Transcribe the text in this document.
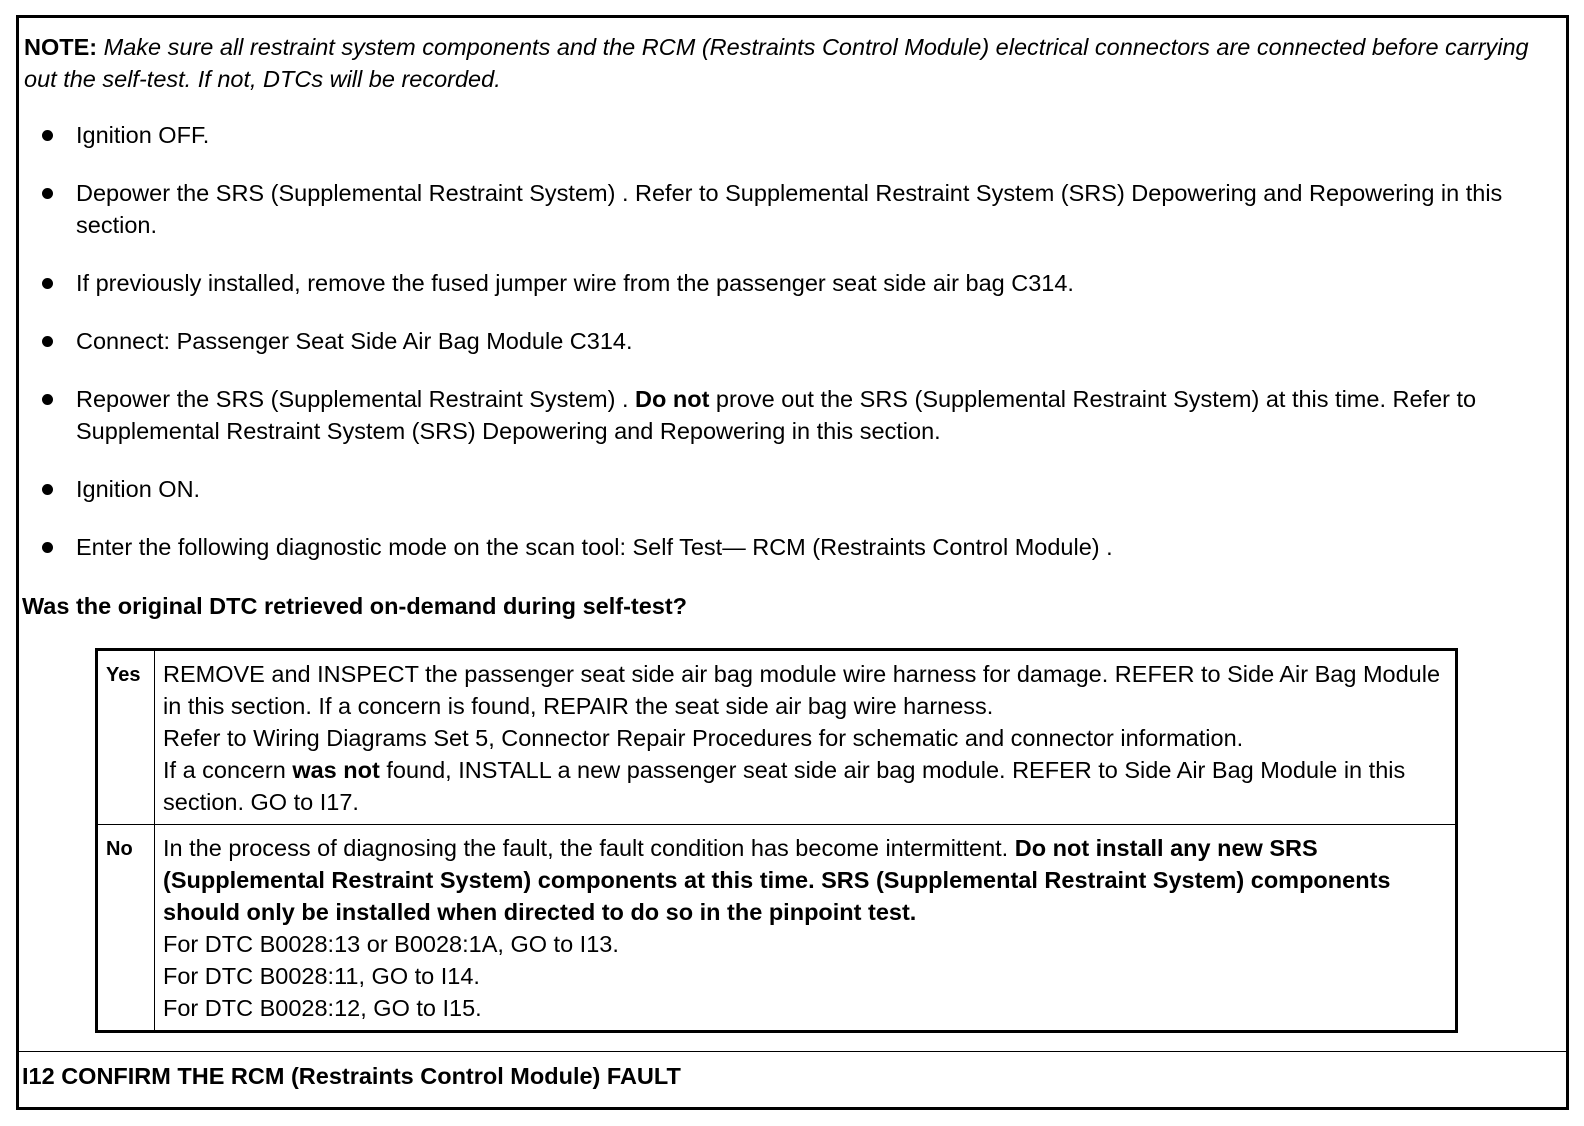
NOTE: Make sure all restraint system components and the RCM (Restraints Control Module) electrical connectors are connected before carrying out the self-test. If not, DTCs will be recorded.
Ignition OFF.
Depower the SRS (Supplemental Restraint System) . Refer to Supplemental Restraint System (SRS) Depowering and Repowering in this section.
If previously installed, remove the fused jumper wire from the passenger seat side air bag C314.
Connect: Passenger Seat Side Air Bag Module C314.
Repower the SRS (Supplemental Restraint System) . Do not prove out the SRS (Supplemental Restraint System) at this time. Refer to Supplemental Restraint System (SRS) Depowering and Repowering in this section.
Ignition ON.
Enter the following diagnostic mode on the scan tool: Self Test— RCM (Restraints Control Module) .
Was the original DTC retrieved on-demand during self-test?
Yes	REMOVE and INSPECT the passenger seat side air bag module wire harness for damage. REFER to Side Air Bag Module in this section. If a concern is found, REPAIR the seat side air bag wire harness.
Refer to Wiring Diagrams Set 5, Connector Repair Procedures for schematic and connector information.
If a concern was not found, INSTALL a new passenger seat side air bag module. REFER to Side Air Bag Module in this section. GO to I17.

No	In the process of diagnosing the fault, the fault condition has become intermittent. Do not install any new SRS (Supplemental Restraint System) components at this time. SRS (Supplemental Restraint System) components should only be installed when directed to do so in the pinpoint test.
For DTC B0028:13 or B0028:1A, GO to I13.
For DTC B0028:11, GO to I14.
For DTC B0028:12, GO to I15.
I12 CONFIRM THE RCM (Restraints Control Module) FAULT
